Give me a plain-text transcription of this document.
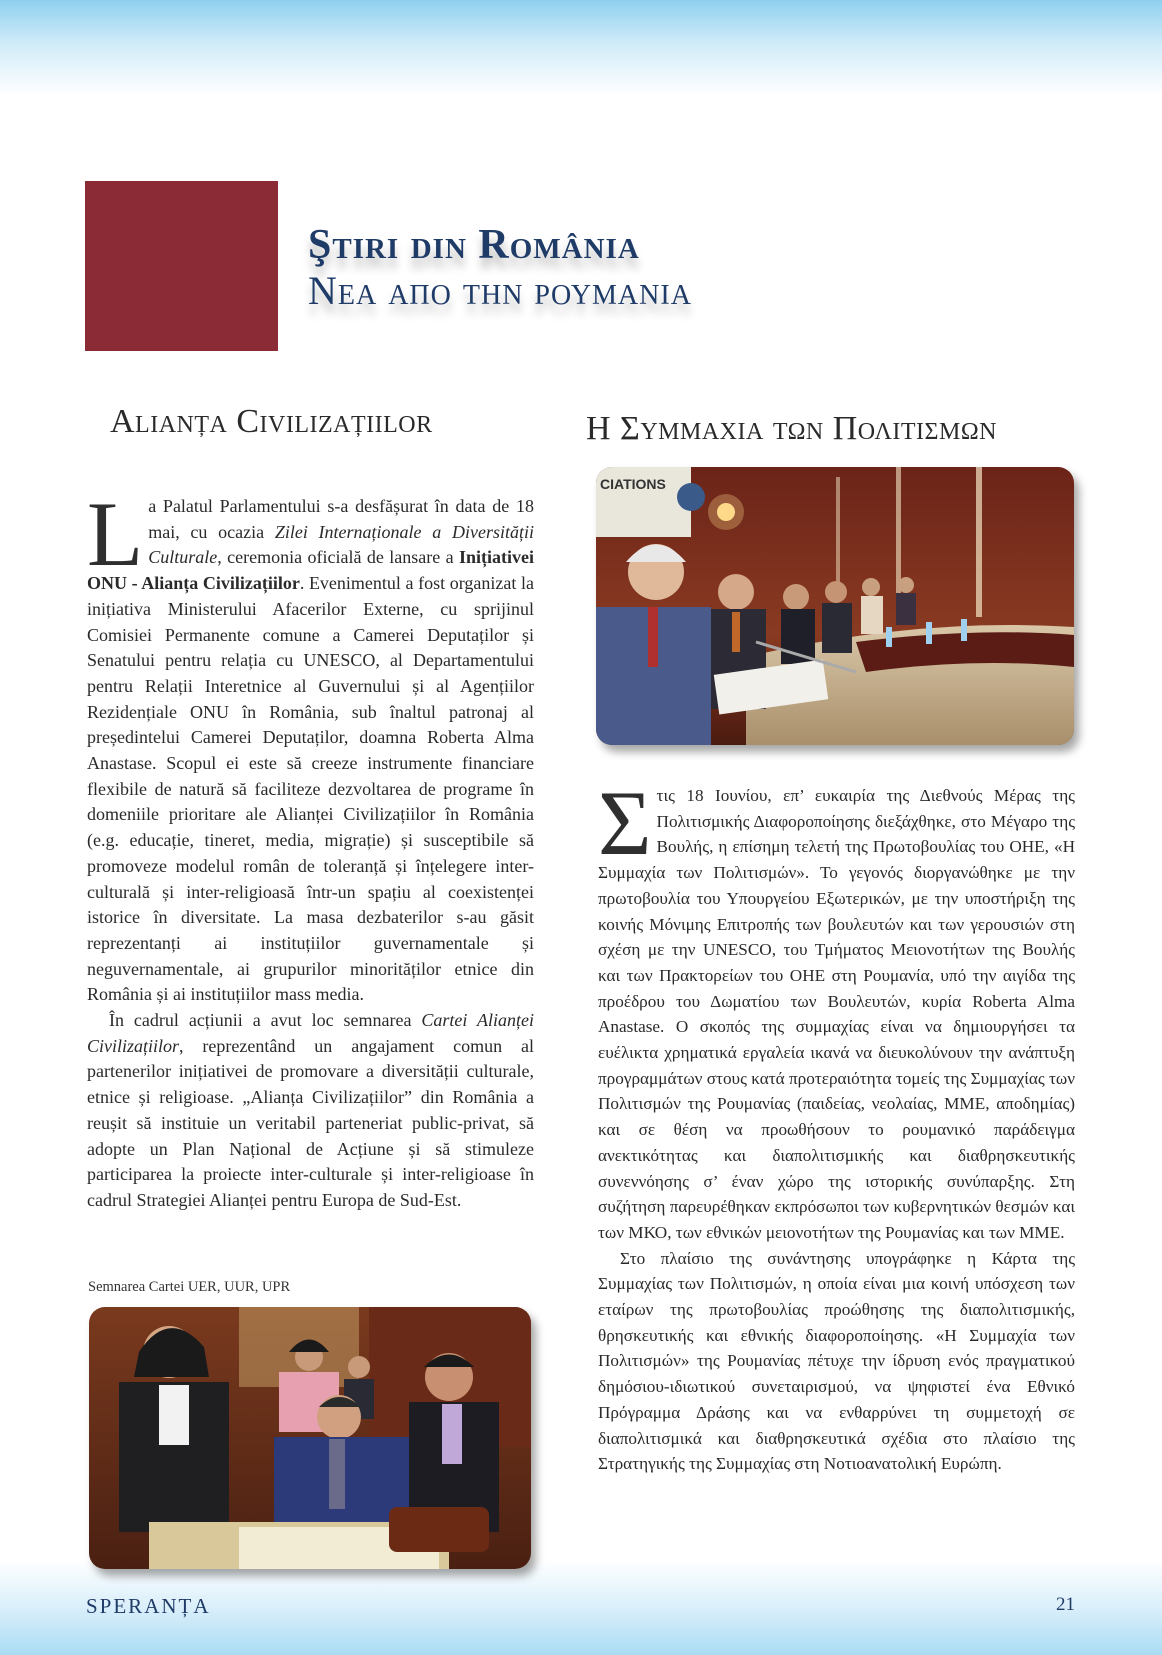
Ştiri din România
Nea απο την ρουμανια
Alianța Civilizațiilor	Η Συμμαχια των Πολιτισμων

La Palatul Parlamentului s-a desfășurat în data de 18 mai, cu ocazia Zilei Internaționale a Diversității Culturale, ceremonia oficială de lansare a Inițiativei ONU - Alianța Civilizațiilor. Evenimentul a fost organizat la inițiativa Ministerului Afacerilor Externe, cu sprijinul Comisiei Permanente comune a Camerei Deputaților și Senatului pentru relația cu UNESCO, al Departamentului pentru Relații Interetnice al Guvernului și al Agențiilor Rezidențiale ONU în România, sub înaltul patronaj al președintelui Camerei Deputaților, doamna Roberta Alma Anastase. Scopul ei este să creeze instrumente financiare flexibile de natură să faciliteze dezvoltarea de programe în domeniile prioritare ale Alianței Civilizațiilor în România (e.g. educație, tineret, media, migrație) și susceptibile să promoveze modelul român de toleranță și înțelegere inter-culturală și inter-religioasă într-un spațiu al coexistenței istorice în diversitate. La masa dezbaterilor s-au găsit reprezentanți ai instituțiilor guvernamentale și neguvernamentale, ai grupurilor minorităților etnice din România și ai instituțiilor mass media.

În cadrul acțiunii a avut loc semnarea Cartei Alianței Civilizațiilor, reprezentând un angajament comun al partenerilor inițiativei de promovare a diversității culturale, etnice și religioase. „Alianța Civilizațiilor” din România a reușit să instituie un veritabil parteneriat public-privat, să adopte un Plan Național de Acțiune și să stimuleze participarea la proiecte inter-culturale și inter-religioase în cadrul Strategiei Alianței pentru Europa de Sud-Est.

Semnarea Cartei UER, UUR, UPR
CIATIONS

Στις 18 Ιουνίου, επ’ ευκαιρία της Διεθνούς Μέρας της Πολιτισμικής Διαφοροποίησης διεξάχθηκε, στο Μέγαρο της Βουλής, η επίσημη τελετή της Πρωτοβουλίας του ΟΗΕ, «Η Συμμαχία των Πολιτισμών». Το γεγονός διοργανώθηκε με την πρωτοβουλία του Υπουργείου Εξωτερικών, με την υποστήριξη της κοινής Μόνιμης Επιτροπής των βουλευτών και των γερουσιών στη σχέση με την UNESCO, του Τμήματος Μειονοτήτων της Βουλής και των Πρακτορείων του ΟΗΕ στη Ρουμανία, υπό την αιγίδα της προέδρου του Δωματίου των Βουλευτών, κυρία Roberta Alma Anastase. Ο σκοπός της συμμαχίας είναι να δημιουργήσει τα ευέλικτα χρηματικά εργαλεία ικανά να διευκολύνουν την ανάπτυξη προγραμμάτων στους κατά προτεραιότητα τομείς της Συμμαχίας των Πολιτισμών της Ρουμανίας (παιδείας, νεολαίας, ΜΜΕ, αποδημίας) και σε θέση να προωθήσουν το ρουμανικό παράδειγμα ανεκτικότητας και διαπολιτισμικής και διαθρησκευτικής συνεννόησης σ’ έναν χώρο της ιστορικής συνύπαρξης. Στη συζήτηση παρευρέθηκαν εκπρόσωποι των κυβερνητικών θεσμών και των ΜΚΟ, των εθνικών μειονοτήτων της Ρουμανίας και των ΜΜΕ.

Στο πλαίσιο της συνάντησης υπογράφηκε η Κάρτα της Συμμαχίας των Πολιτισμών, η οποία είναι μια κοινή υπόσχεση των εταίρων της πρωτοβουλίας προώθησης της διαπολιτισμικής, θρησκευτικής και εθνικής διαφοροποίησης. «Η Συμμαχία των Πολιτισμών» της Ρουμανίας πέτυχε την ίδρυση ενός πραγματικού δημόσιου-ιδιωτικού συνεταιρισμού, να ψηφιστεί ένα Εθνικό Πρόγραμμα Δράσης και να ενθαρρύνει τη συμμετοχή σε διαπολιτισμικά και διαθρησκευτικά σχέδια στο πλαίσιο της Στρατηγικής της Συμμαχίας στη Νοτιοανατολική Ευρώπη.

SPERANȚA	21
